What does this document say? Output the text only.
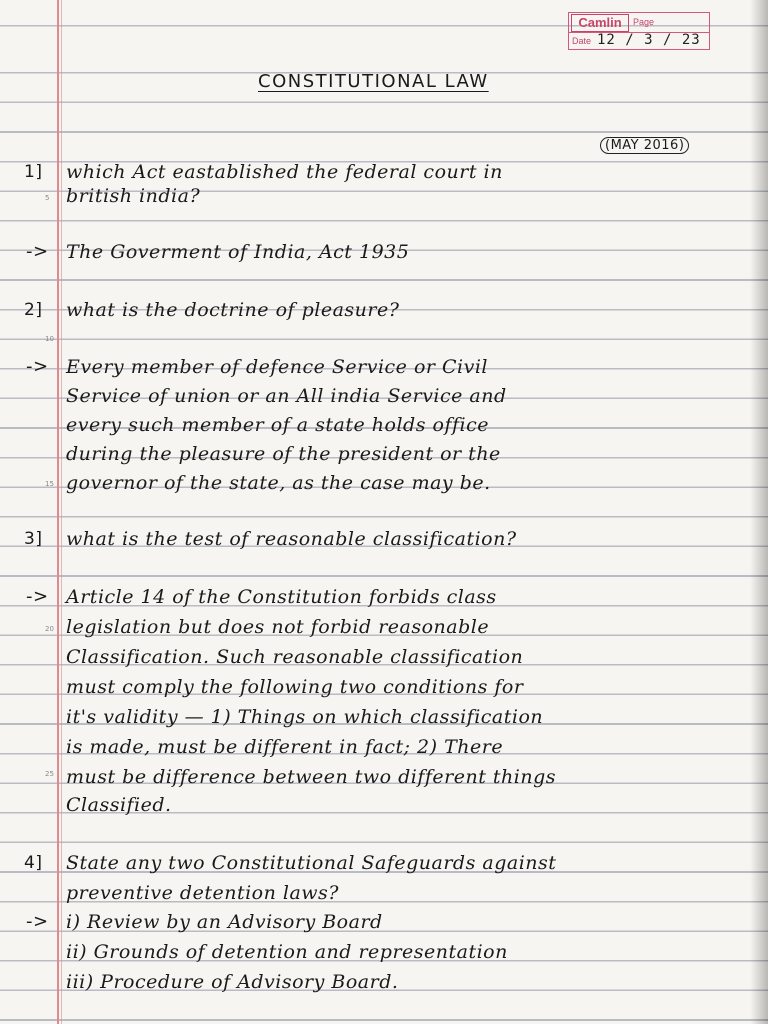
Camlin	Page
Date 12 / 3 / 23
CONSTITUTIONAL LAW
(MAY 2016)
5
10
15
20
25
1] which Act eastablished the federal court in
british india?
-> The Goverment of India, Act 1935
2] what is the doctrine of pleasure?
-> Every member of defence Service or Civil
Service of union or an All india Service and
every such member of a state holds office
during the pleasure of the president or the
governor of the state, as the case may be.
3] what is the test of reasonable classification?
-> Article 14 of the Constitution forbids class
legislation but does not forbid reasonable
Classification. Such reasonable classification
must comply the following two conditions for
it's validity — 1) Things on which classification
is made, must be different in fact; 2) There
must be difference between two different things
Classified.
4] State any two Constitutional Safeguards against
preventive detention laws?
-> i) Review by an Advisory Board
ii) Grounds of detention and representation
iii) Procedure of Advisory Board.
